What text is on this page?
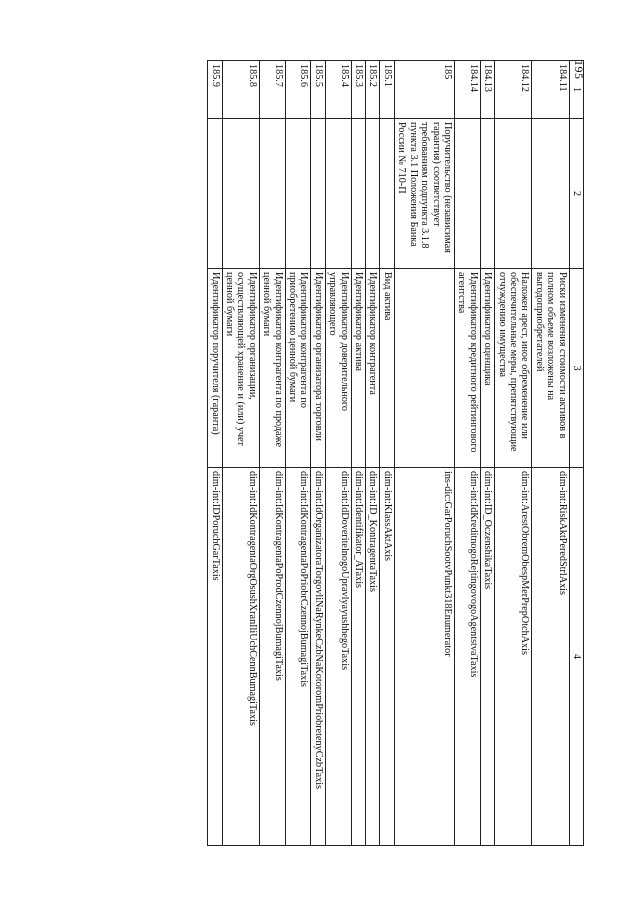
195
1	2	3	4
184.11		Риски изменения стоимости активов в полном объеме возложены на выгодоприобретателей	dim-int:RiskAktPeredStrlAxis
184.12		Наложен арест, иное обременение или обеспечительные меры, препятствующие отчуждению имущества	dim-int:ArestObremObespMerPrepOtchAxis
184.13		Идентификатор оценщика	dim-int:ID_OczenshikaTaxis
184.14		Идентификатор кредитного рейтингового агентства	dim-int:IdKreditnogoRejtingovogoAgentstvaTaxis
185	Поручительство (независимая гарантия) соответствует требованиям подпункта 3.1.8 пункта 3.1 Положения Банка России № 710-П		ins-dic:GarPoruchSootvPunkt318Enumerator
185.1		Вид актива	dim-int:KlassAktAxis
185.2		Идентификатор контрагента	dim-int:ID_KontragentaTaxis
185.3		Идентификатор актива	dim-int:Identifikator_ATaxis
185.4		Идентификатор доверительного управляющего	dim-int:IdDoveritelnogoUpravlyayushhegoTaxis
185.5		Идентификатор организатора торговли	dim-int:IdOrganizatoraTorgovliNaRynkeCzbNaKotoromPriobretenyCzbTaxis
185.6		Идентификатор контрагента по приобретению ценной бумаги	dim-int:IdKontragentaPoPriobrCzennojBumagiTaxis
185.7		Идентификатор контрагента по продаже ценной бумаги	dim-int:IdKontragentaPoProdCzennojBumagiTaxis
185.8		Идентификатор организации, осуществляющей хранение и (или) учет ценной бумаги	dim-int:IdKontragentaOrgOsushXranIliUchCennBumagiTaxis
185.9		Идентификатор поручителя (гаранта)	dim-int:IDPoruchGarTaxis
